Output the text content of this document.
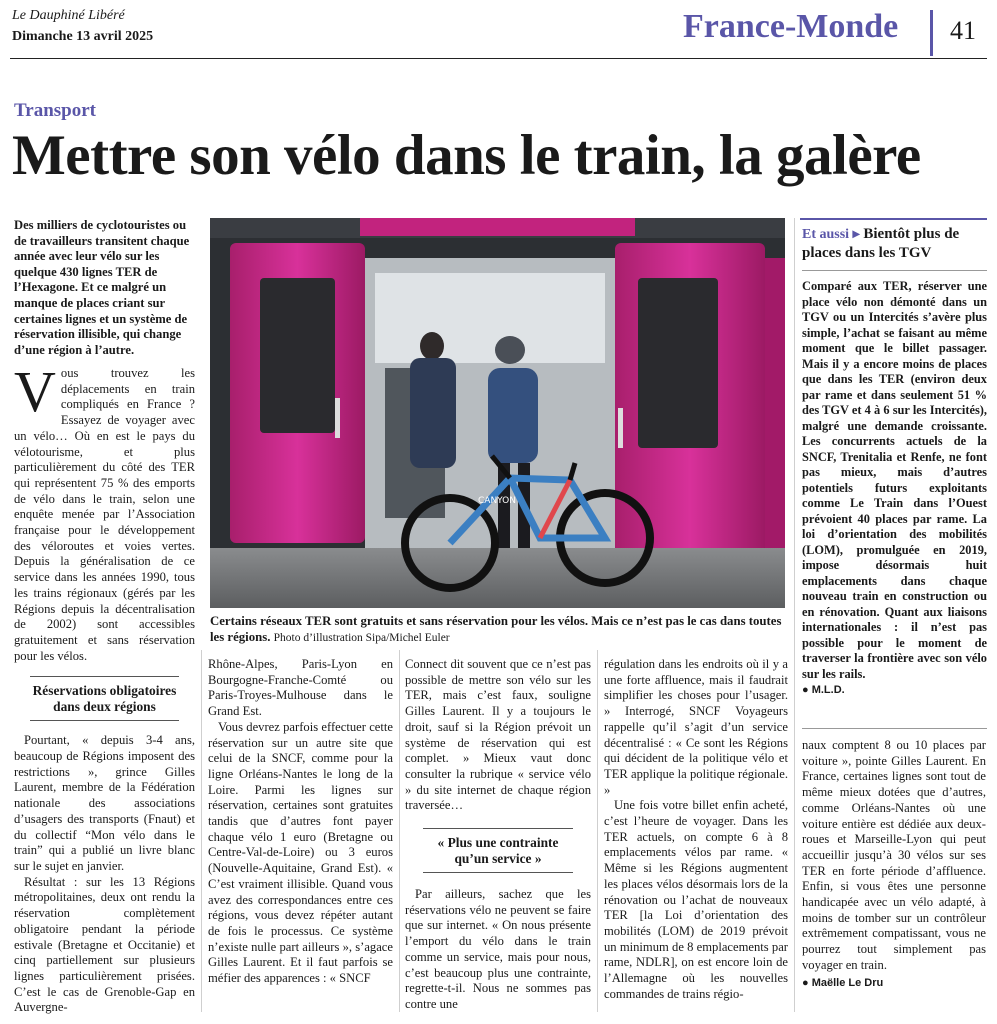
Le Dauphiné Libéré
Dimanche 13 avril 2025	France-Monde 41
Transport
Mettre son vélo dans le train, la galère
Des milliers de cyclotouristes ou de travailleurs transitent chaque année avec leur vélo sur les quelque 430 lignes TER de l’Hexagone. Et ce malgré un manque de places criant sur certaines lignes et un système de réservation illisible, qui change d’une région à l’autre.
CANYON
Certains réseaux TER sont gratuits et sans réservation pour les vélos. Mais ce n’est pas le cas dans toutes les régions. Photo d’illustration Sipa/Michel Euler

Vous trouvez les déplacements en train compliqués en France ? Essayez de voyager avec un vélo… Où en est le pays du vélotourisme, et plus particulièrement du côté des TER qui représentent 75 % des emports de vélo dans le train, selon une enquête menée par l’Association française pour le développement des véloroutes et voies vertes. Depuis la généralisation de ce service dans les années 1990, tous les trains régionaux (gérés par les Régions depuis la décentralisation de 2002) sont accessibles gratuitement et sans réservation pour les vélos.

Réservations obligatoires dans deux régions

Pourtant, « depuis 3-4 ans, beaucoup de Régions imposent des restrictions », grince Gilles Laurent, membre de la Fédération nationale des associations d’usagers des transports (Fnaut) et du collectif “Mon vélo dans le train” qui a publié un livre blanc sur le sujet en janvier.

Résultat : sur les 13 Régions métropolitaines, deux ont rendu la réservation complètement obligatoire pendant la période estivale (Bretagne et Occitanie) et cinq partiellement sur plusieurs lignes particulièrement prisées. C’est le cas de Grenoble-Gap en Auvergne-

Rhône-Alpes, Paris-Lyon en Bourgogne-Franche-Comté ou Paris-Troyes-Mulhouse dans le Grand Est.

Vous devrez parfois effectuer cette réservation sur un autre site que celui de la SNCF, comme pour la ligne Orléans-Nantes le long de la Loire. Parmi les lignes sur réservation, certaines sont gratuites tandis que d’autres font payer chaque vélo 1 euro (Bretagne ou Centre-Val-de-Loire) ou 3 euros (Nouvelle-Aquitaine, Grand Est). « C’est vraiment illisible. Quand vous avez des correspondances entre ces régions, vous devez répéter autant de fois le processus. Ce système n’existe nulle part ailleurs », s’agace Gilles Laurent. Et il faut parfois se méfier des apparences : « SNCF

Connect dit souvent que ce n’est pas possible de mettre son vélo sur les TER, mais c’est faux, souligne Gilles Laurent. Il y a toujours le droit, sauf si la Région prévoit un système de réservation qui est complet. » Mieux vaut donc consulter la rubrique « service vélo » du site internet de chaque région traversée…

« Plus une contrainte qu’un service »

Par ailleurs, sachez que les réservations vélo ne peuvent se faire que sur internet. « On nous présente l’emport du vélo dans le train comme un service, mais pour nous, c’est beaucoup plus une contrainte, regrette-t-il. Nous ne sommes pas contre une

régulation dans les endroits où il y a une forte affluence, mais il faudrait simplifier les choses pour l’usager. » Interrogé, SNCF Voyageurs rappelle qu’il s’agit d’un service décentralisé : « Ce sont les Régions qui décident de la politique vélo et TER applique la politique régionale. »

Une fois votre billet enfin acheté, c’est l’heure de voyager. Dans les TER actuels, on compte 6 à 8 emplacements vélos par rame. « Même si les Régions augmentent les places vélos désormais lors de la rénovation ou l’achat de nouveaux TER [la Loi d’orientation des mobilités (LOM) de 2019 prévoit un minimum de 8 emplacements par rame, NDLR], on est encore loin de l’Allemagne où les nouvelles commandes de trains régio-

Et aussi ▸ Bientôt plus de places dans les TGV
Comparé aux TER, réserver une place vélo non démonté dans un TGV ou un Intercités s’avère plus simple, l’achat se faisant au même moment que le billet passager. Mais il y a encore moins de places que dans les TER (environ deux par rame et dans seulement 51 % des TGV et 4 à 6 sur les Intercités), malgré une demande croissante. Les concurrents actuels de la SNCF, Trenitalia et Renfe, ne font pas mieux, mais d’autres potentiels futurs exploitants comme Le Train dans l’Ouest prévoient 40 places par rame. La loi d’orientation des mobilités (LOM), promulguée en 2019, impose désormais huit emplacements dans chaque nouveau train en construction ou en rénovation. Quant aux liaisons internationales : il n’est pas possible pour le moment de traverser la frontière avec son vélo sur les rails.
● M.L.D.

naux comptent 8 ou 10 places par voiture », pointe Gilles Laurent. En France, certaines lignes sont tout de même mieux dotées que d’autres, comme Orléans-Nantes où une voiture entière est dédiée aux deux-roues et Marseille-Lyon qui peut accueillir jusqu’à 30 vélos sur ses TER en forte période d’affluence. Enfin, si vous êtes une personne handicapée avec un vélo adapté, à moins de tomber sur un contrôleur extrêmement compatissant, vous ne pourrez tout simplement pas voyager en train.

● Maëlle Le Dru
